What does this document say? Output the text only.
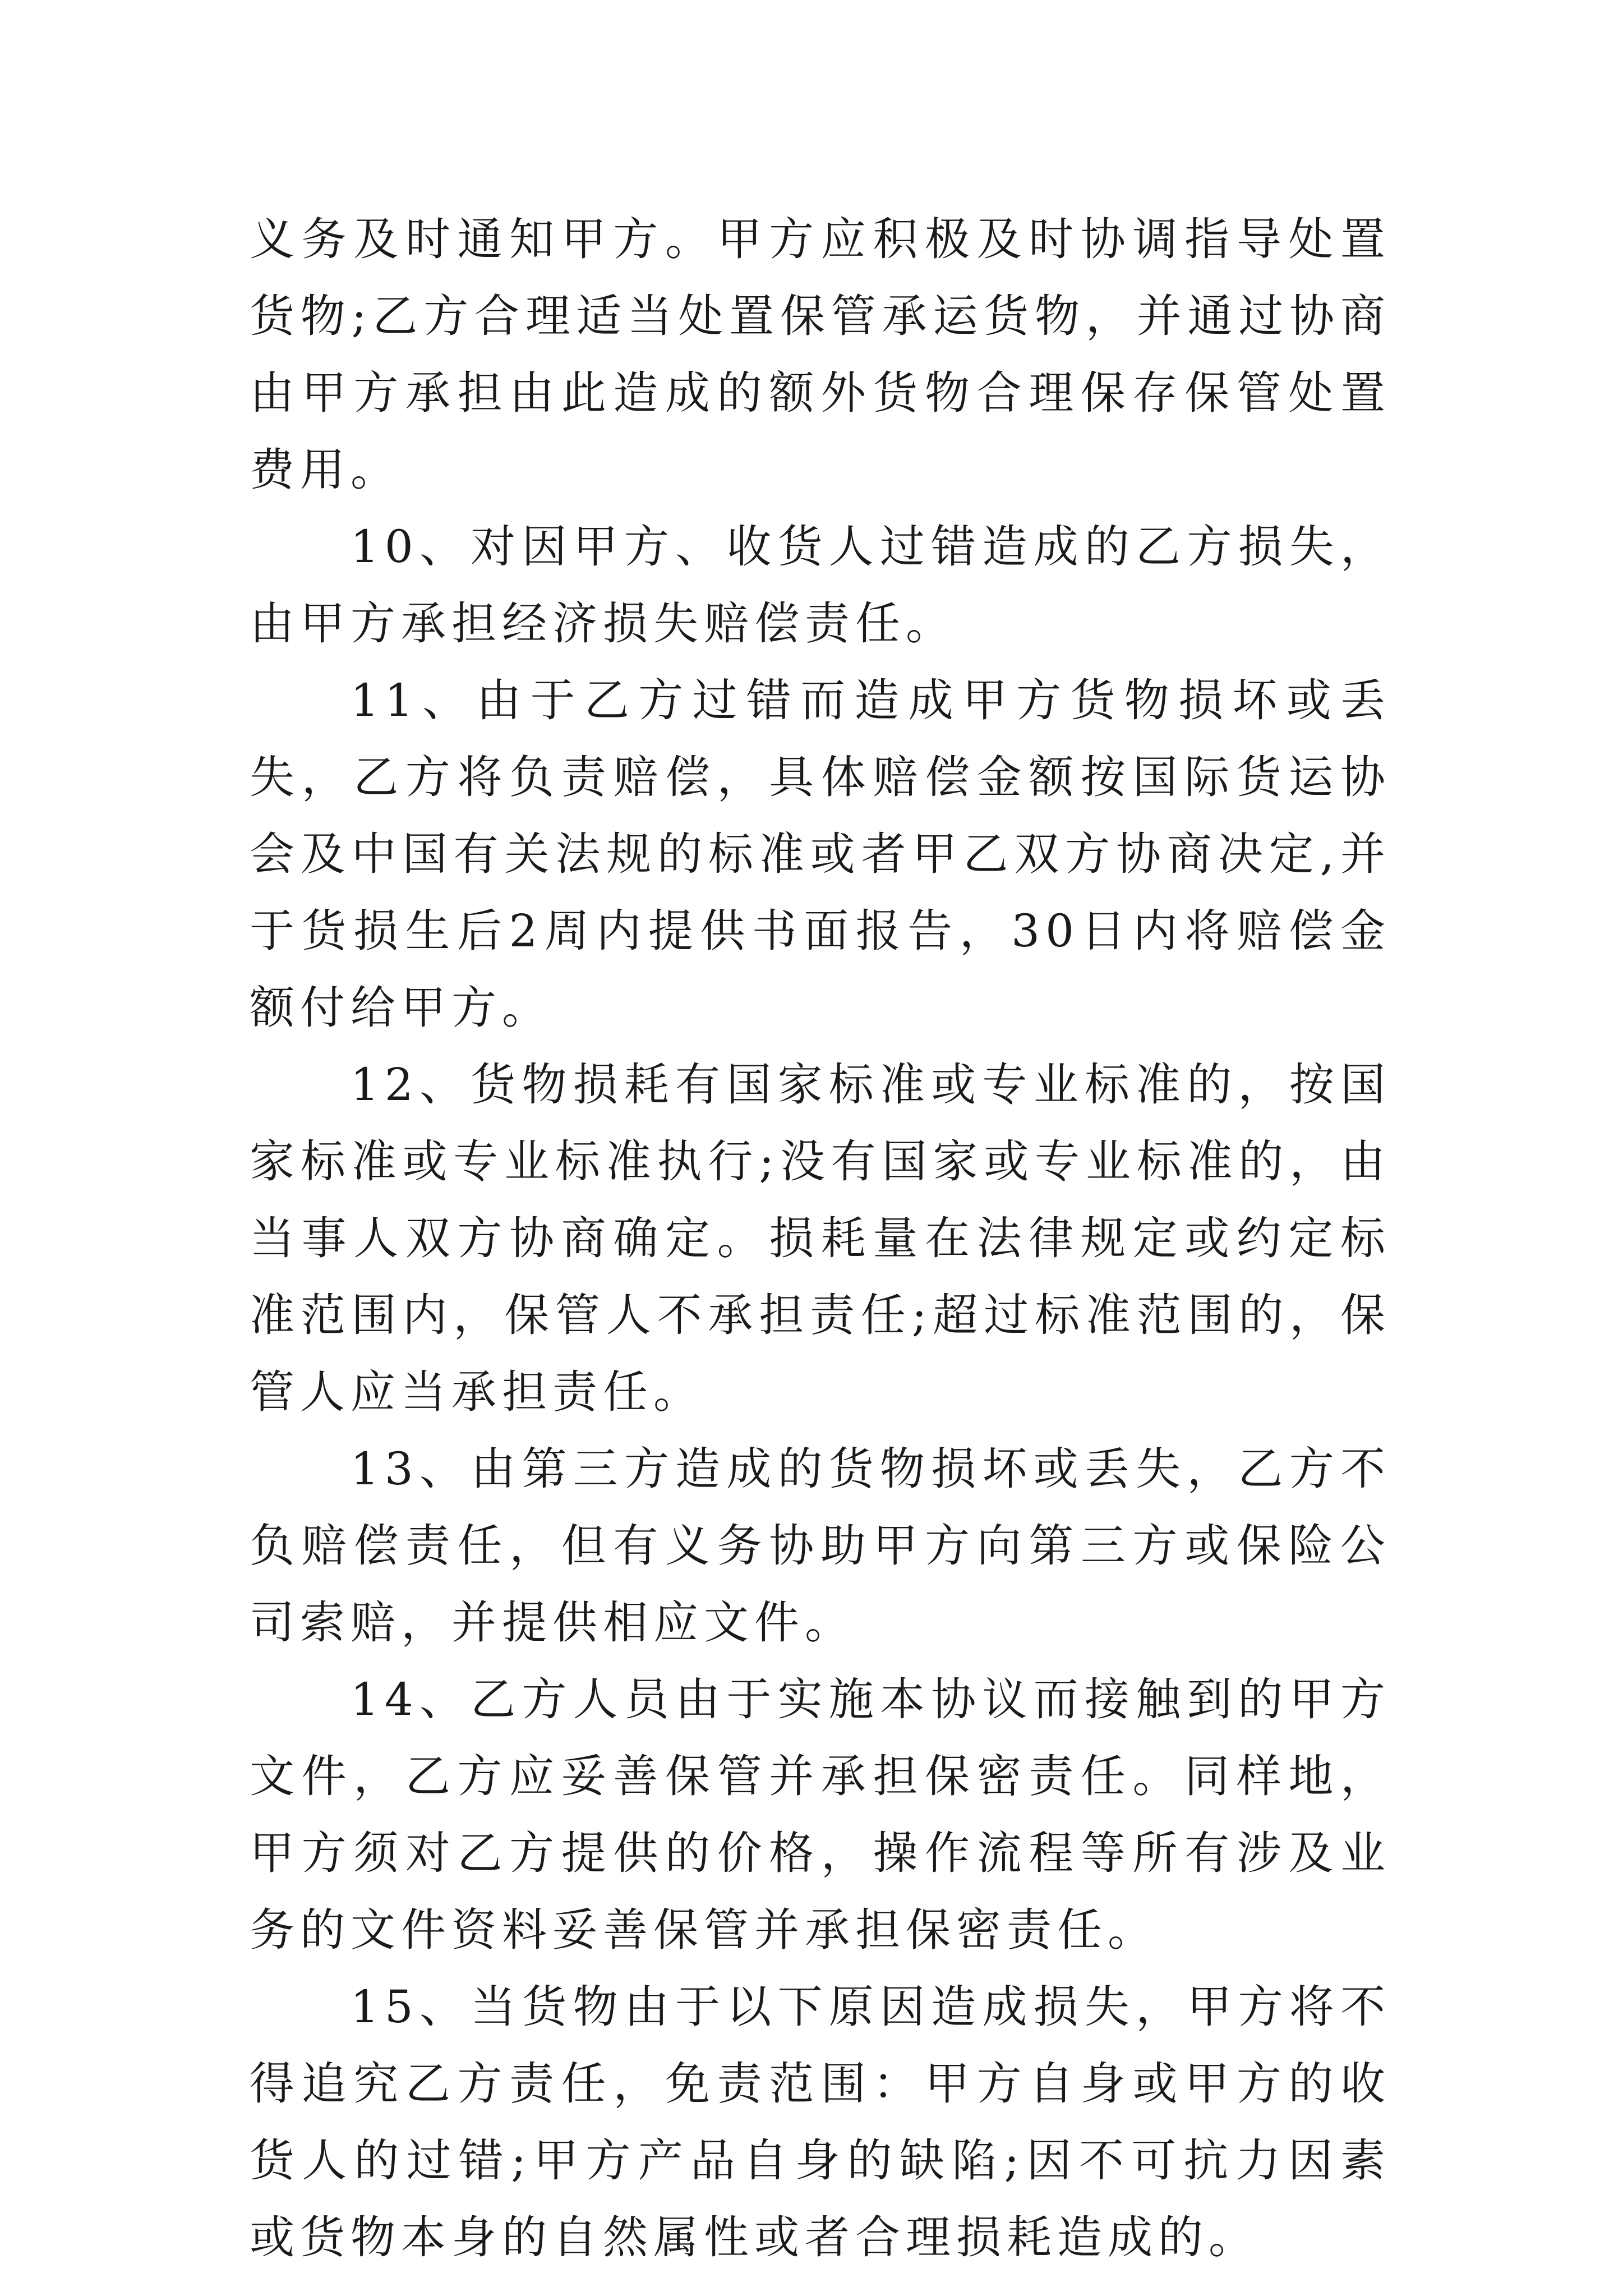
义务及时通知甲方。甲方应积极及时协调指导处置货物;乙方合理适当处置保管承运货物，并通过协商由甲方承担由此造成的额外货物合理保存保管处置费用。

10、对因甲方、收货人过错造成的乙方损失，由甲方承担经济损失赔偿责任。

11、由于乙方过错而造成甲方货物损坏或丢失，乙方将负责赔偿，具体赔偿金额按国际货运协会及中国有关法规的标准或者甲乙双方协商决定,并于货损生后2周内提供书面报告，30日内将赔偿金额付给甲方。

12、货物损耗有国家标准或专业标准的，按国家标准或专业标准执行;没有国家或专业标准的，由当事人双方协商确定。损耗量在法律规定或约定标准范围内，保管人不承担责任;超过标准范围的，保管人应当承担责任。

13、由第三方造成的货物损坏或丢失，乙方不负赔偿责任，但有义务协助甲方向第三方或保险公司索赔，并提供相应文件。

14、乙方人员由于实施本协议而接触到的甲方文件，乙方应妥善保管并承担保密责任。同样地，甲方须对乙方提供的价格，操作流程等所有涉及业务的文件资料妥善保管并承担保密责任。

15、当货物由于以下原因造成损失，甲方将不得追究乙方责任，免责范围：甲方自身或甲方的收货人的过错;甲方产品自身的缺陷;因不可抗力因素或货物本身的自然属性或者合理损耗造成的。
